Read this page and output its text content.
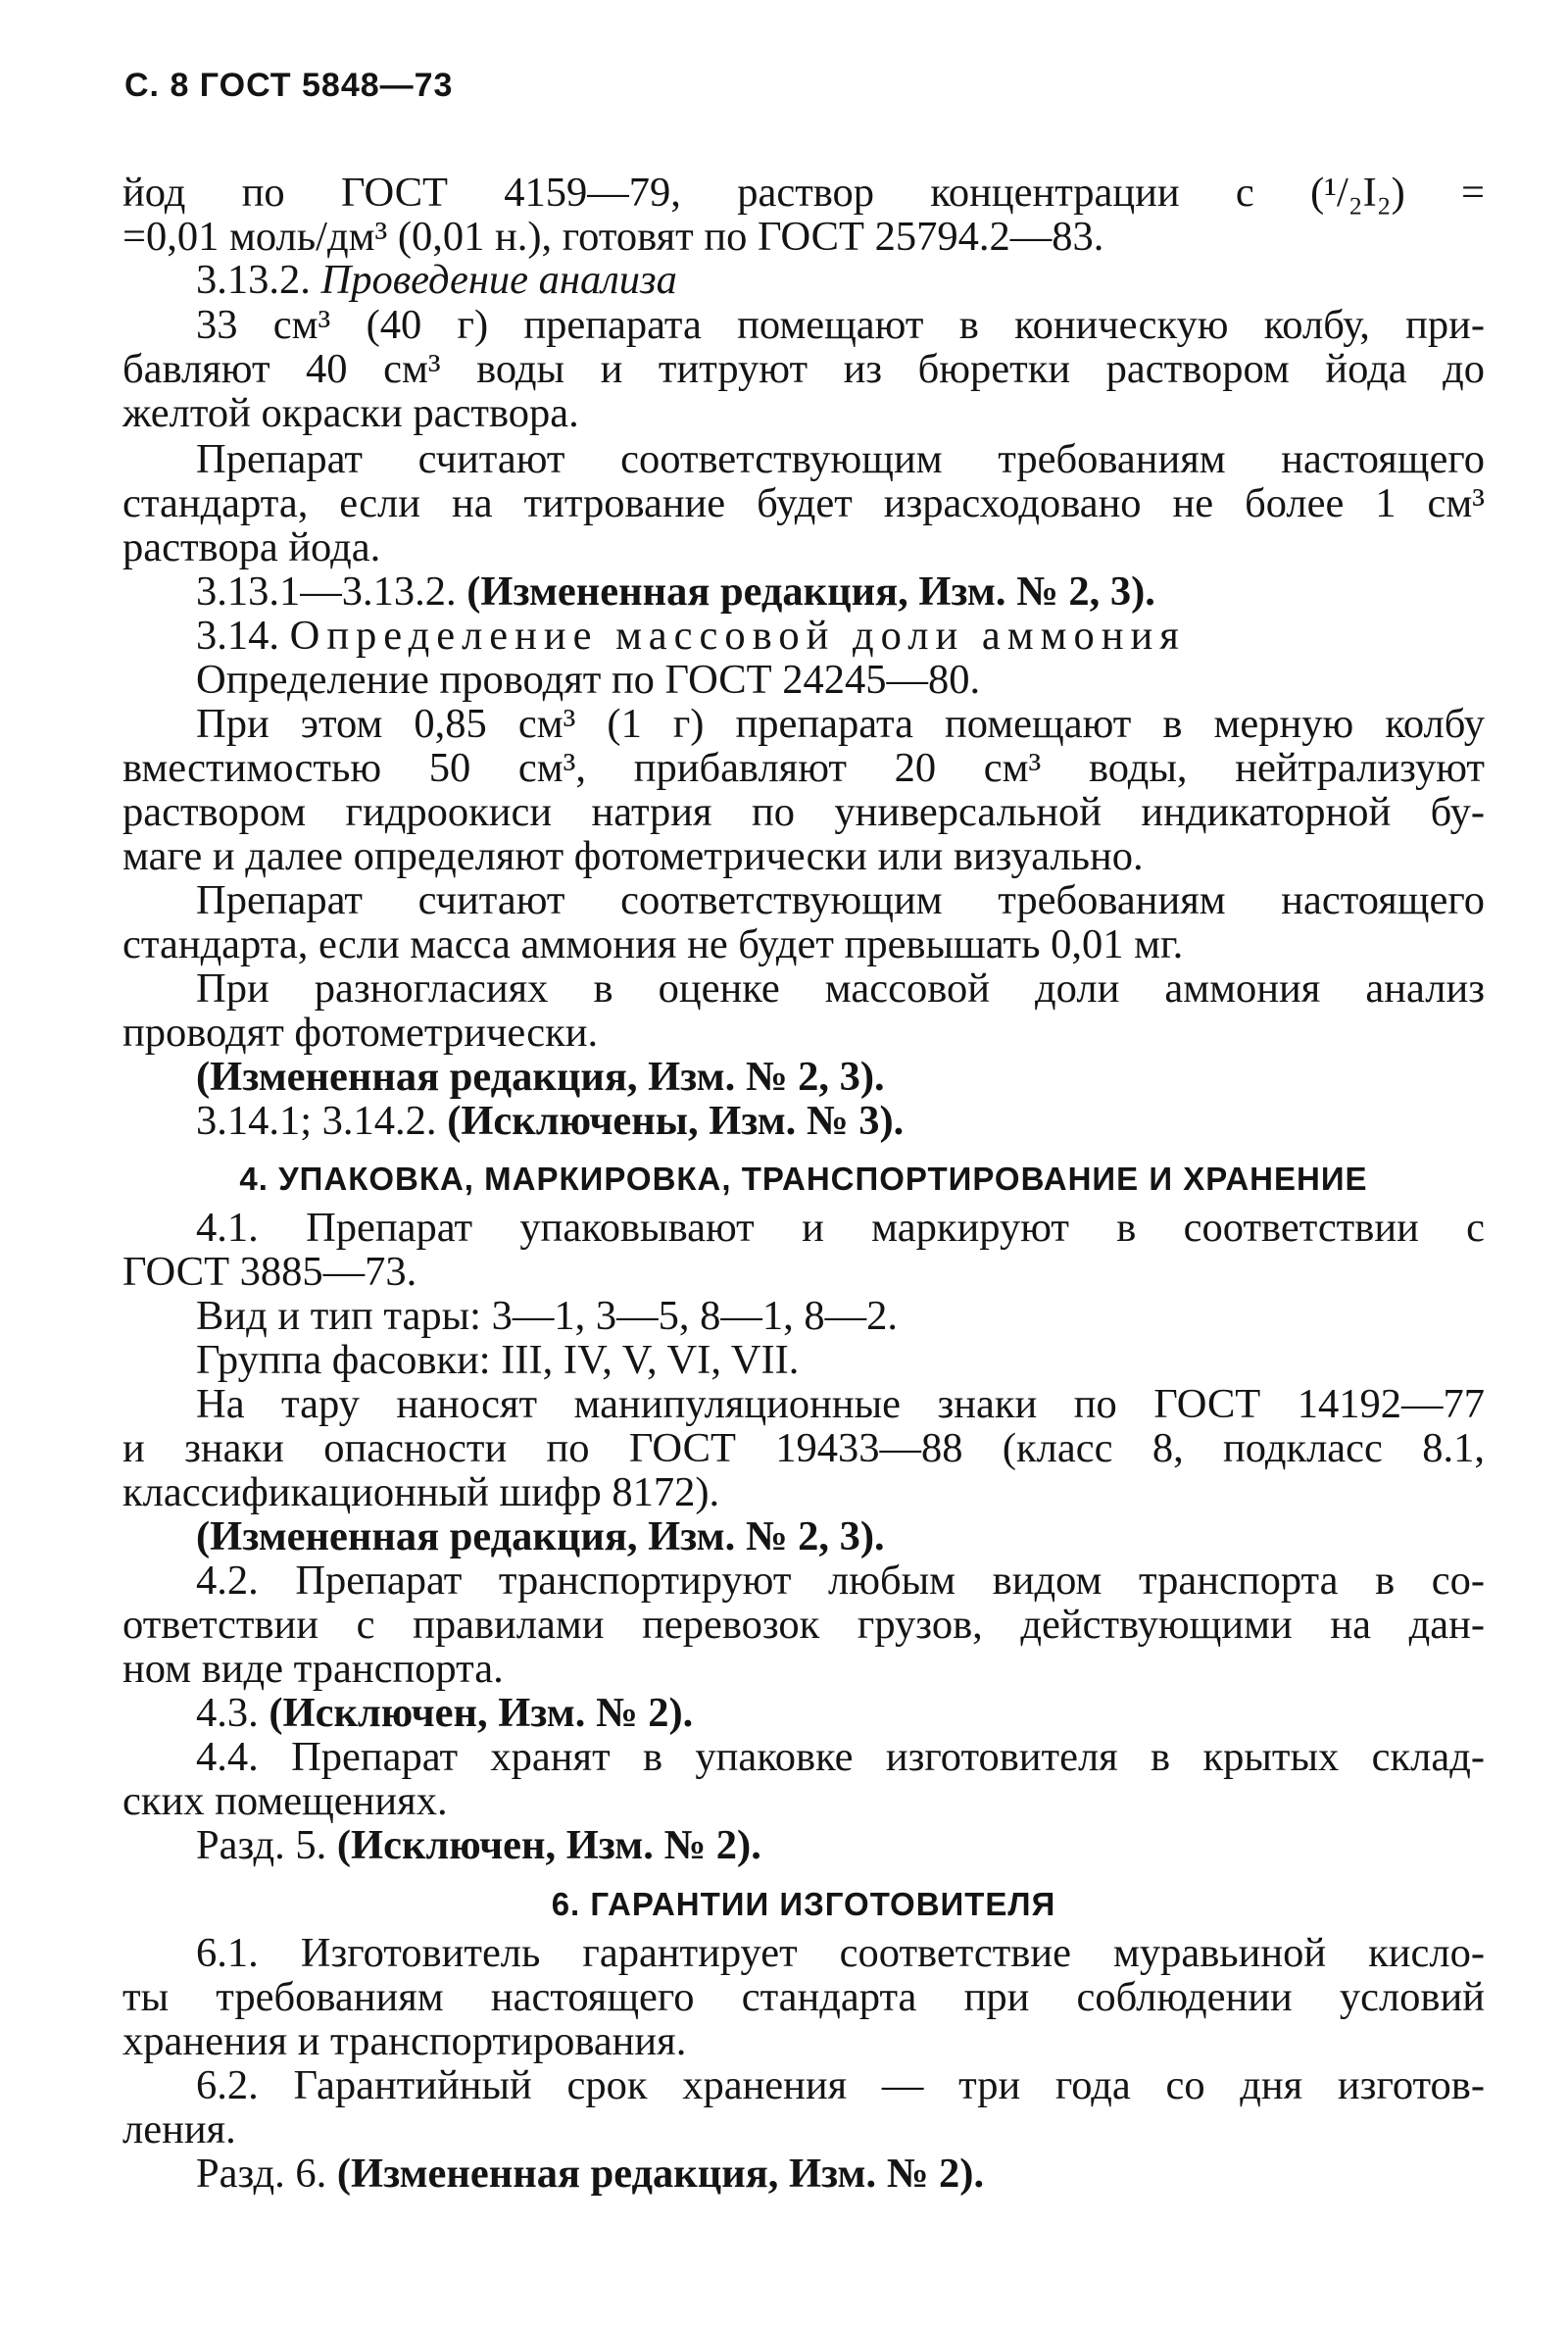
С. 8 ГОСТ 5848—73
йод по ГОСТ 4159—79, раствор концентрации с (¹/₂I₂) =
=0,01 моль/дм³ (0,01 н.), готовят по ГОСТ 25794.2—83.
3.13.2. Проведение анализа
33 см³ (40 г) препарата помещают в коническую колбу, при-
бавляют 40 см³ воды и титруют из бюретки раствором йода до
желтой окраски раствора.
Препарат считают соответствующим требованиям настоящего
стандарта, если на титрование будет израсходовано не более 1 см³
раствора йода.
3.13.1—3.13.2. (Измененная редакция, Изм. № 2, 3).
3.14. Определение массовой доли аммония
Определение проводят по ГОСТ 24245—80.
При этом 0,85 см³ (1 г) препарата помещают в мерную колбу
вместимостью 50 см³, прибавляют 20 см³ воды, нейтрализуют
раствором гидроокиси натрия по универсальной индикаторной бу-
маге и далее определяют фотометрически или визуально.
Препарат считают соответствующим требованиям настоящего
стандарта, если масса аммония не будет превышать 0,01 мг.
При разногласиях в оценке массовой доли аммония анализ
проводят фотометрически.
(Измененная редакция, Изм. № 2, 3).
3.14.1; 3.14.2. (Исключены, Изм. № 3).
4. УПАКОВКА, МАРКИРОВКА, ТРАНСПОРТИРОВАНИЕ И ХРАНЕНИЕ
4.1. Препарат упаковывают и маркируют в соответствии с
ГОСТ 3885—73.
Вид и тип тары: 3—1, 3—5, 8—1, 8—2.
Группа фасовки: III, IV, V, VI, VII.
На тару наносят манипуляционные знаки по ГОСТ 14192—77
и знаки опасности по ГОСТ 19433—88 (класс 8, подкласс 8.1,
классификационный шифр 8172).
(Измененная редакция, Изм. № 2, 3).
4.2. Препарат транспортируют любым видом транспорта в со-
ответствии с правилами перевозок грузов, действующими на дан-
ном виде транспорта.
4.3. (Исключен, Изм. № 2).
4.4. Препарат хранят в упаковке изготовителя в крытых склад-
ских помещениях.
Разд. 5. (Исключен, Изм. № 2).
6. ГАРАНТИИ ИЗГОТОВИТЕЛЯ
6.1. Изготовитель гарантирует соответствие муравьиной кисло-
ты требованиям настоящего стандарта при соблюдении условий
хранения и транспортирования.
6.2. Гарантийный срок хранения — три года со дня изготов-
ления.
Разд. 6. (Измененная редакция, Изм. № 2).
